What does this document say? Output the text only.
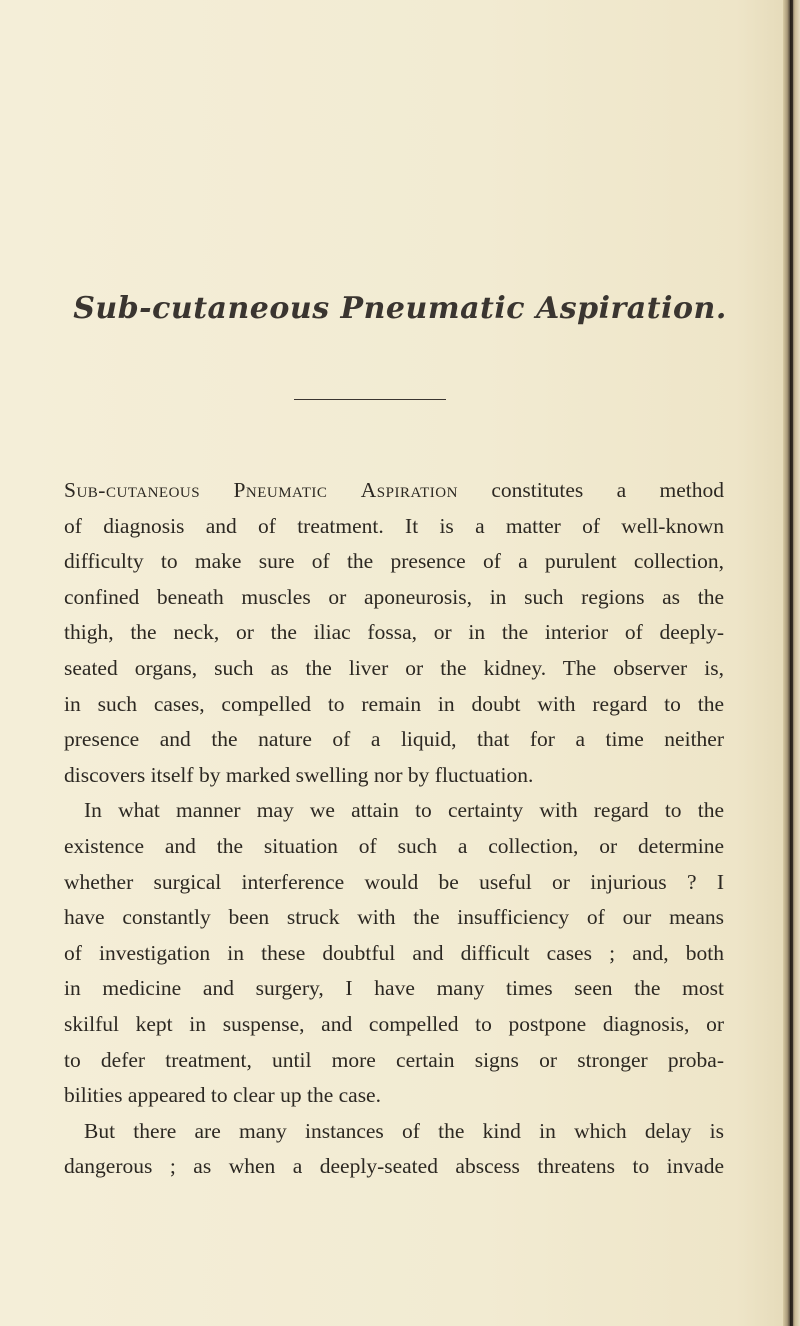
Sub-cutaneous Pneumatic Aspiration.
Sub-cutaneous Pneumatic Aspiration constitutes a method
of diagnosis and of treatment. It is a matter of well-known
difficulty to make sure of the presence of a purulent collection,
confined beneath muscles or aponeurosis, in such regions as the
thigh, the neck, or the iliac fossa, or in the interior of deeply-
seated organs, such as the liver or the kidney. The observer is,
in such cases, compelled to remain in doubt with regard to the
presence and the nature of a liquid, that for a time neither
discovers itself by marked swelling nor by fluctuation.
In what manner may we attain to certainty with regard to the
existence and the situation of such a collection, or determine
whether surgical interference would be useful or injurious ? I
have constantly been struck with the insufficiency of our means
of investigation in these doubtful and difficult cases ; and, both
in medicine and surgery, I have many times seen the most
skilful kept in suspense, and compelled to postpone diagnosis, or
to defer treatment, until more certain signs or stronger proba-
bilities appeared to clear up the case.
But there are many instances of the kind in which delay is
dangerous ; as when a deeply-seated abscess threatens to invade
